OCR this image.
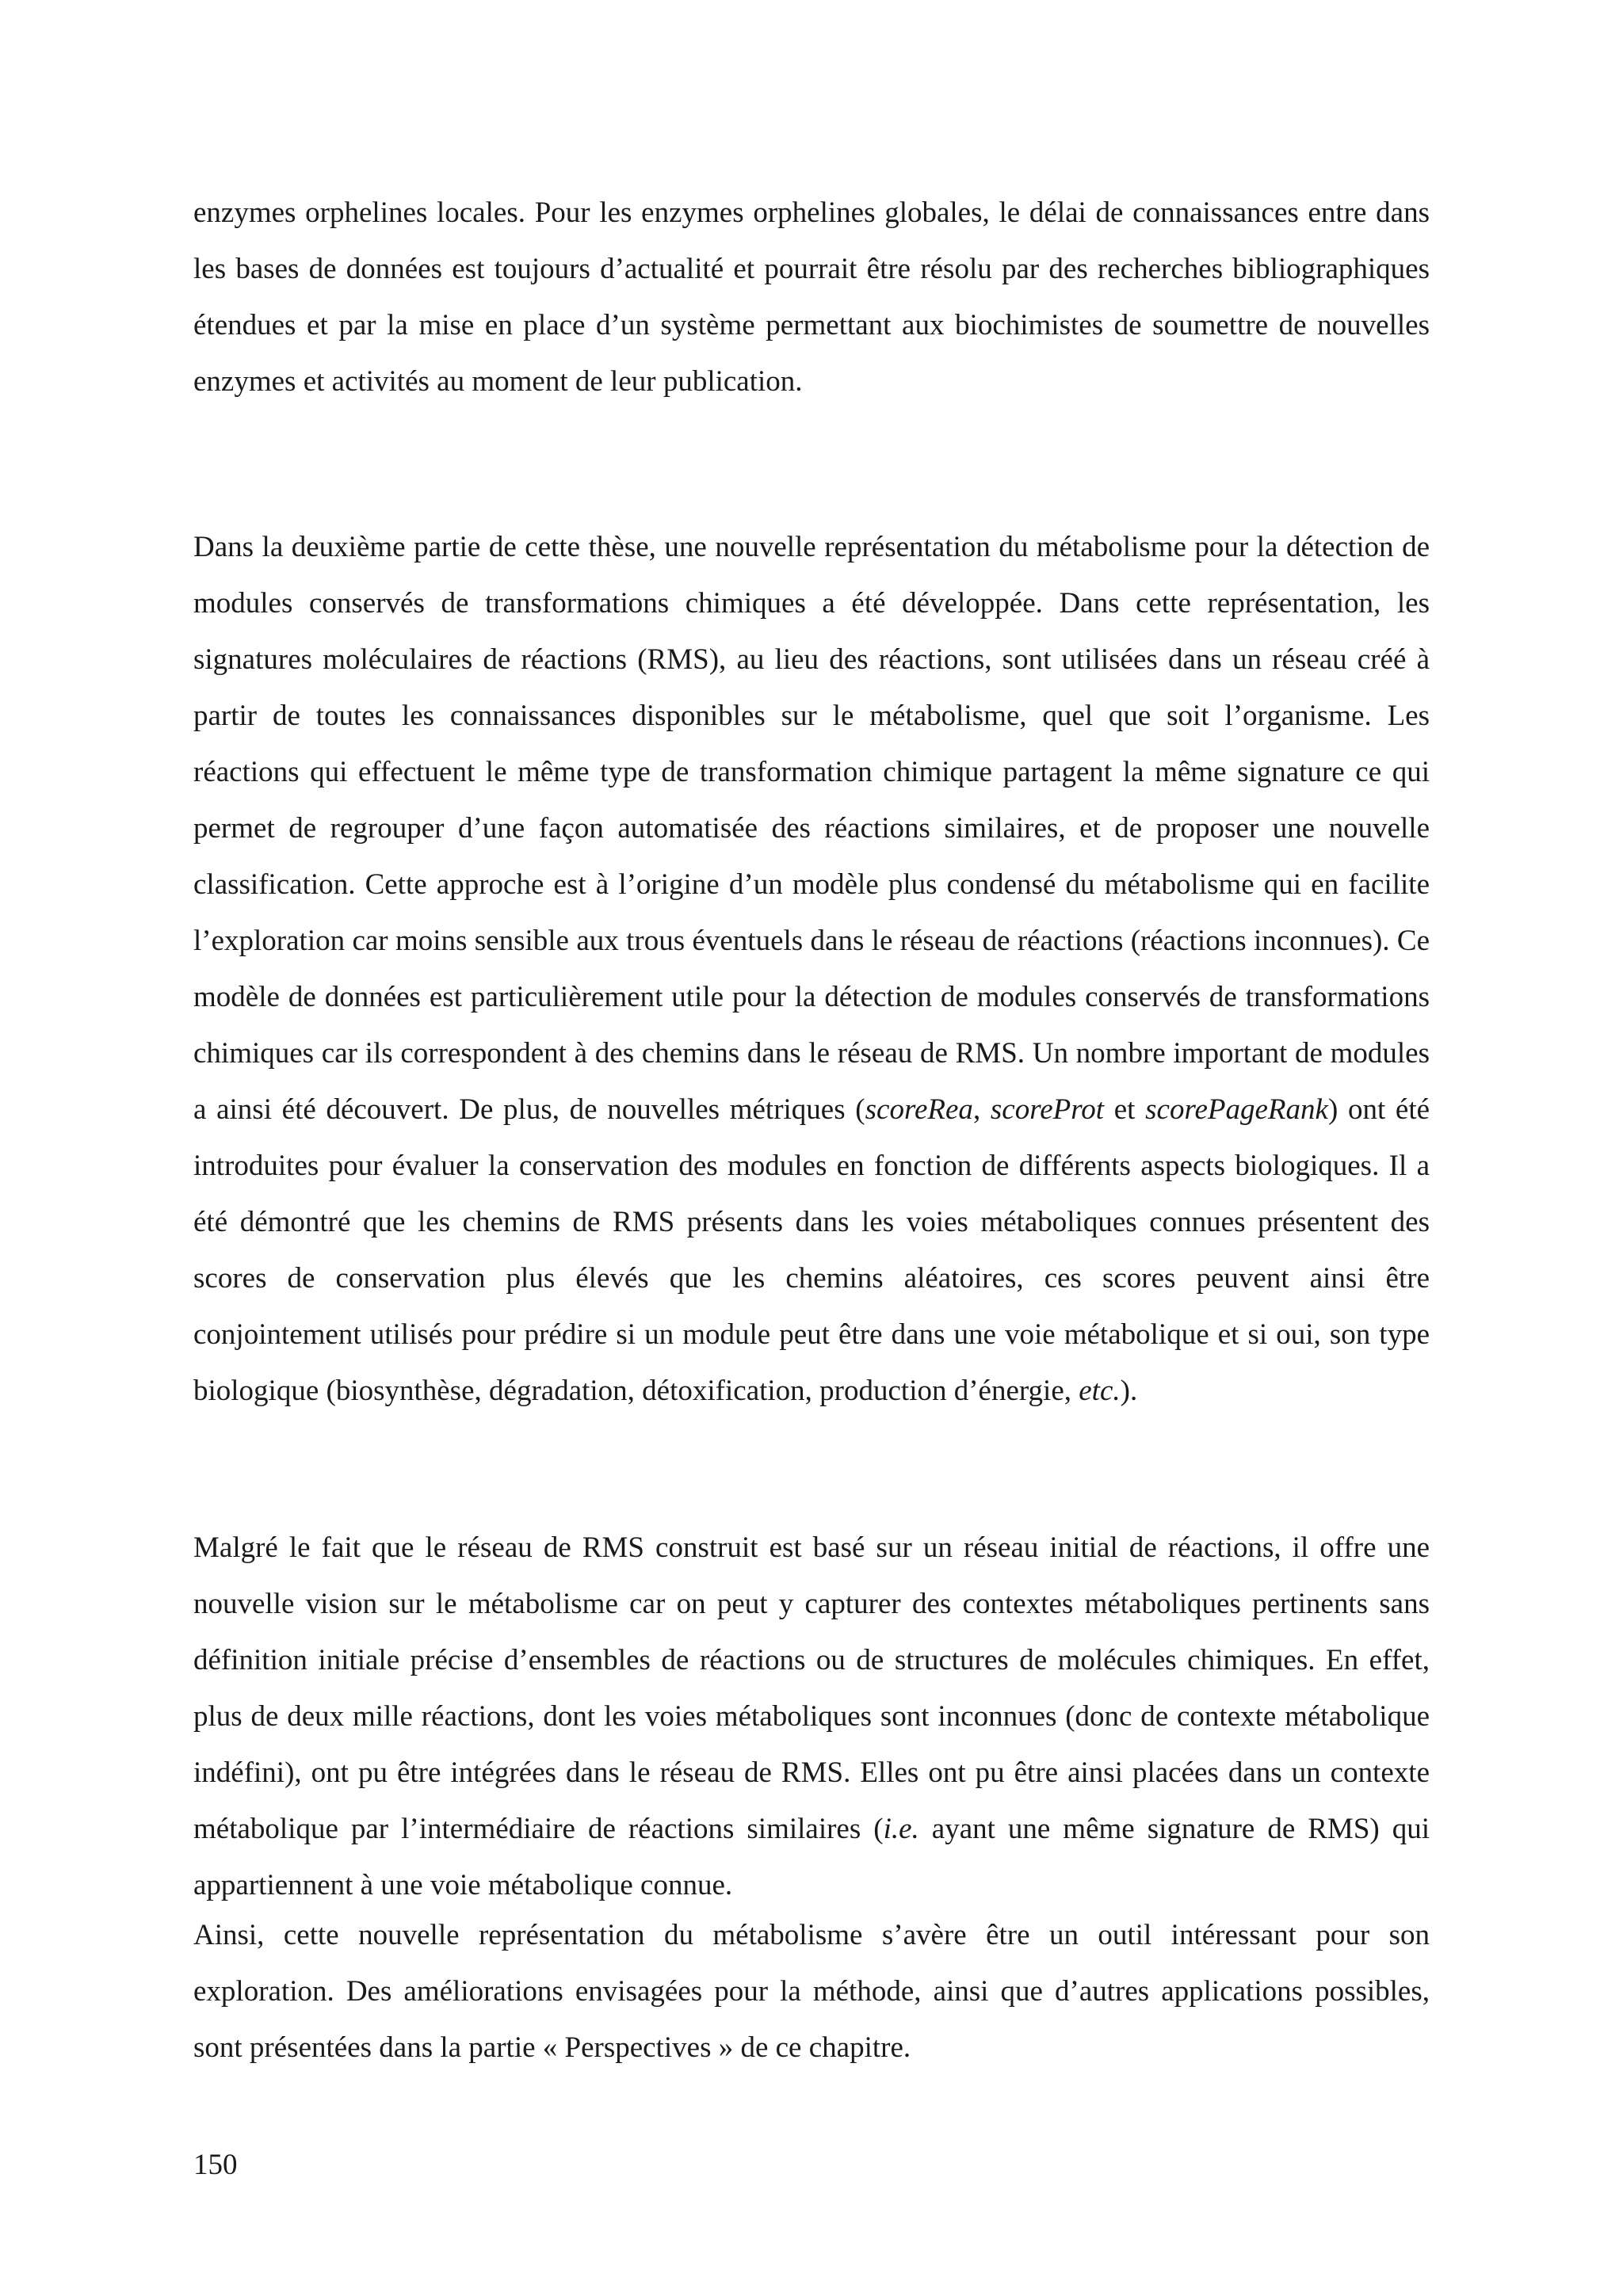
enzymes orphelines locales. Pour les enzymes orphelines globales, le délai de connaissances entre dans les bases de données est toujours d’actualité et pourrait être résolu par des recherches bibliographiques étendues et par la mise en place d’un système permettant aux biochimistes de soumettre de nouvelles enzymes et activités au moment de leur publication.

Dans la deuxième partie de cette thèse, une nouvelle représentation du métabolisme pour la détection de modules conservés de transformations chimiques a été développée. Dans cette représentation, les signatures moléculaires de réactions (RMS), au lieu des réactions, sont utilisées dans un réseau créé à partir de toutes les connaissances disponibles sur le métabolisme, quel que soit l’organisme. Les réactions qui effectuent le même type de transformation chimique partagent la même signature ce qui permet de regrouper d’une façon automatisée des réactions similaires, et de proposer une nouvelle classification. Cette approche est à l’origine d’un modèle plus condensé du métabolisme qui en facilite l’exploration car moins sensible aux trous éventuels dans le réseau de réactions (réactions inconnues). Ce modèle de données est particulièrement utile pour la détection de modules conservés de transformations chimiques car ils correspondent à des chemins dans le réseau de RMS. Un nombre important de modules a ainsi été découvert. De plus, de nouvelles métriques (scoreRea, scoreProt et scorePageRank) ont été introduites pour évaluer la conservation des modules en fonction de différents aspects biologiques. Il a été démontré que les chemins de RMS présents dans les voies métaboliques connues présentent des scores de conservation plus élevés que les chemins aléatoires, ces scores peuvent ainsi être conjointement utilisés pour prédire si un module peut être dans une voie métabolique et si oui, son type biologique (biosynthèse, dégradation, détoxification, production d’énergie, etc.).

Malgré le fait que le réseau de RMS construit est basé sur un réseau initial de réactions, il offre une nouvelle vision sur le métabolisme car on peut y capturer des contextes métaboliques pertinents sans définition initiale précise d’ensembles de réactions ou de structures de molécules chimiques. En effet, plus de deux mille réactions, dont les voies métaboliques sont inconnues (donc de contexte métabolique indéfini), ont pu être intégrées dans le réseau de RMS. Elles ont pu être ainsi placées dans un contexte métabolique par l’intermédiaire de réactions similaires (i.e. ayant une même signature de RMS) qui appartiennent à une voie métabolique connue.

Ainsi, cette nouvelle représentation du métabolisme s’avère être un outil intéressant pour son exploration. Des améliorations envisagées pour la méthode, ainsi que d’autres applications possibles, sont présentées dans la partie « Perspectives » de ce chapitre.

150
